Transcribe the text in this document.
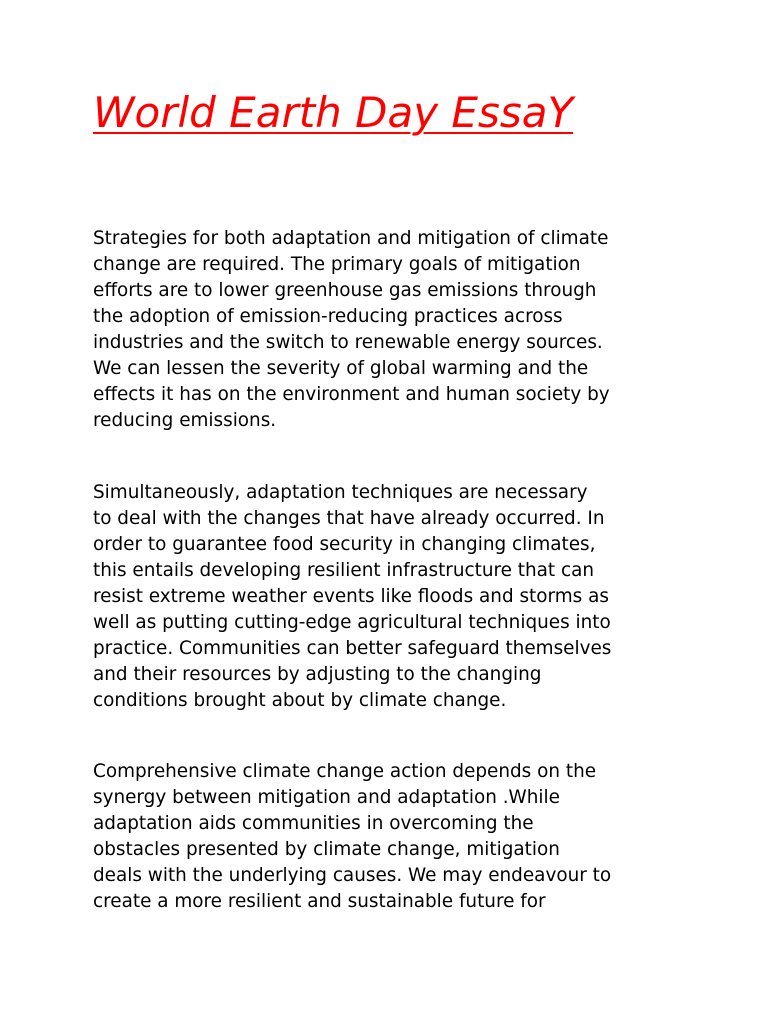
World Earth Day EssaY
Strategies for both adaptation and mitigation of climate
change are required. The primary goals of mitigation
efforts are to lower greenhouse gas emissions through
the adoption of emission-reducing practices across
industries and the switch to renewable energy sources.
We can lessen the severity of global warming and the
effects it has on the environment and human society by
reducing emissions.
Simultaneously, adaptation techniques are necessary
to deal with the changes that have already occurred. In
order to guarantee food security in changing climates,
this entails developing resilient infrastructure that can
resist extreme weather events like floods and storms as
well as putting cutting-edge agricultural techniques into
practice. Communities can better safeguard themselves
and their resources by adjusting to the changing
conditions brought about by climate change.
Comprehensive climate change action depends on the
synergy between mitigation and adaptation .While
adaptation aids communities in overcoming the
obstacles presented by climate change, mitigation
deals with the underlying causes. We may endeavour to
create a more resilient and sustainable future for
